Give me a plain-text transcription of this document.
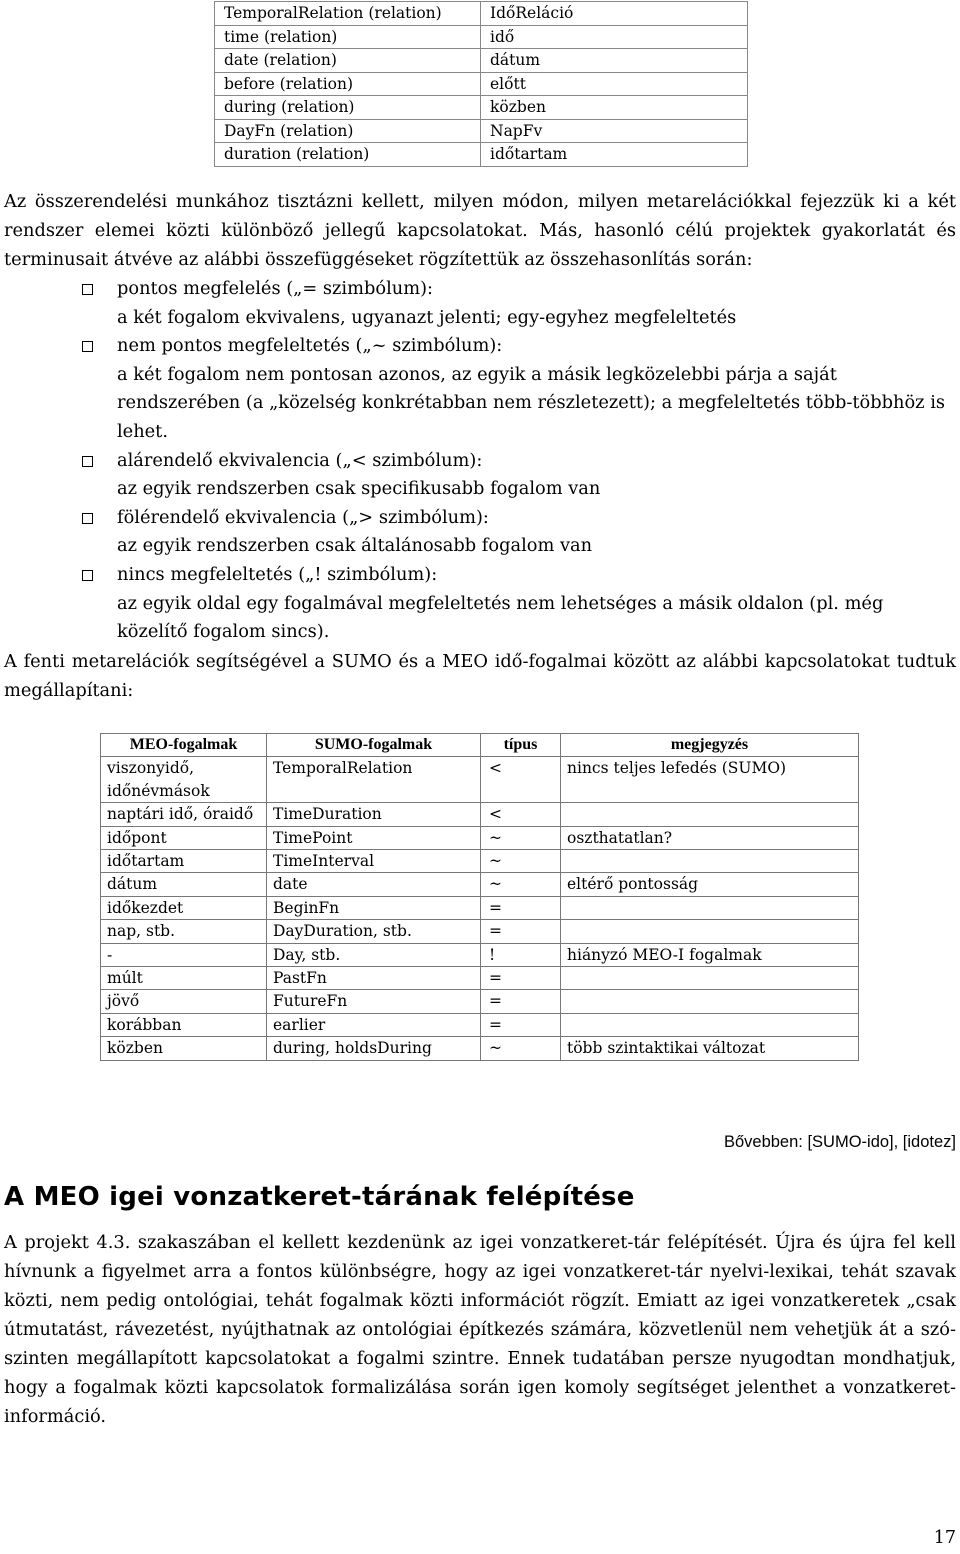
TemporalRelation (relation)	IdőReláció
time (relation)	idő
date (relation)	dátum
before (relation)	előtt
during (relation)	közben
DayFn (relation)	NapFv
duration (relation)	időtartam
Az összerendelési munkához tisztázni kellett, milyen módon, milyen metarelációkkal fejezzük ki a két rendszer elemei közti különböző jellegű kapcsolatokat. Más, hasonló célú projektek gyakorlatát és terminusait átvéve az alábbi összefüggéseket rögzítettük az összehasonlítás során:
pontos megfelelés („= szimbólum):
a két fogalom ekvivalens, ugyanazt jelenti; egy-egyhez megfeleltetés
nem pontos megfeleltetés („~ szimbólum):
a két fogalom nem pontosan azonos, az egyik a másik legközelebbi párja a saját rendszerében (a „közelség konkrétabban nem részletezett); a megfeleltetés több-többhöz is lehet.
alárendelő ekvivalencia („< szimbólum):
az egyik rendszerben csak specifikusabb fogalom van
fölérendelő ekvivalencia („> szimbólum):
az egyik rendszerben csak általánosabb fogalom van
nincs megfeleltetés („! szimbólum):
az egyik oldal egy fogalmával megfeleltetés nem lehetséges a másik oldalon (pl. még közelítő fogalom sincs).
A fenti metarelációk segítségével a SUMO és a MEO idő-fogalmai között az alábbi kapcsolatokat tudtuk megállapítani:
MEO-fogalmak	SUMO-fogalmak	típus	megjegyzés
viszonyidő, időnévmások	TemporalRelation	<	nincs teljes lefedés (SUMO)
naptári idő, óraidő	TimeDuration	<	
időpont	TimePoint	~	oszthatatlan?
időtartam	TimeInterval	~	
dátum	date	~	eltérő pontosság
időkezdet	BeginFn	=	
nap, stb.	DayDuration, stb.	=	
-	Day, stb.	!	hiányzó MEO-I fogalmak
múlt	PastFn	=	
jövő	FutureFn	=	
korábban	earlier	=	
közben	during, holdsDuring	~	több szintaktikai változat
Bővebben: [SUMO-ido], [idotez]
A MEO igei vonzatkeret-tárának felépítése
A projekt 4.3. szakaszában el kellett kezdenünk az igei vonzatkeret-tár felépítését. Újra és újra fel kell hívnunk a figyelmet arra a fontos különbségre, hogy az igei vonzatkeret-tár nyelvi-lexikai, tehát szavak közti, nem pedig ontológiai, tehát fogalmak közti információt rögzít. Emiatt az igei vonzatkeretek „csak útmutatást, rávezetést, nyújthatnak az ontológiai építkezés számára, közvetlenül nem vehetjük át a szó-szinten megállapított kapcsolatokat a fogalmi szintre. Ennek tudatában persze nyugodtan mondhatjuk, hogy a fogalmak közti kapcsolatok formalizálása során igen komoly segítséget jelenthet a vonzatkeret-információ.
17
